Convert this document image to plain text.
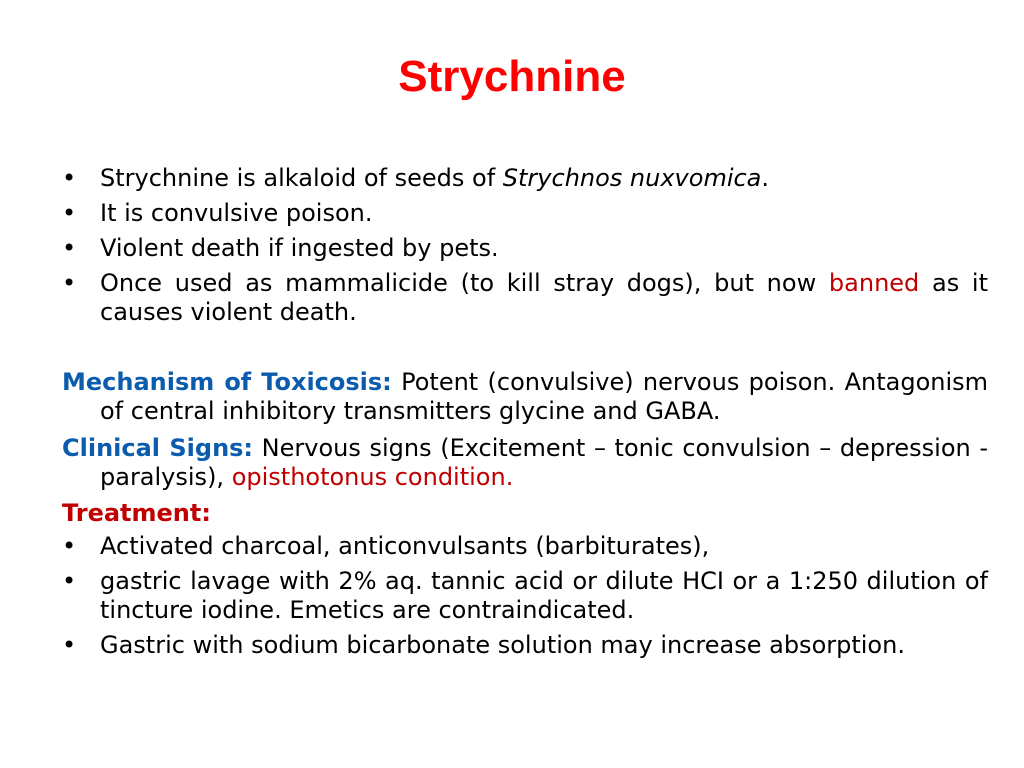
Strychnine
• Strychnine is alkaloid of seeds of Strychnos nuxvomica.
• It is convulsive poison.
• Violent death if ingested by pets.
• Once used as mammalicide (to kill stray dogs), but now banned as it causes violent death.

Mechanism of Toxicosis: Potent (convulsive) nervous poison. Antagonism of central inhibitory transmitters glycine and GABA.

Clinical Signs: Nervous signs (Excitement – tonic convulsion – depression - paralysis), opisthotonus condition.

Treatment:
• Activated charcoal, anticonvulsants (barbiturates),
• gastric lavage with 2% aq. tannic acid or dilute HCI or a 1:250 dilution of tincture iodine. Emetics are contraindicated.
• Gastric with sodium bicarbonate solution may increase absorption.
